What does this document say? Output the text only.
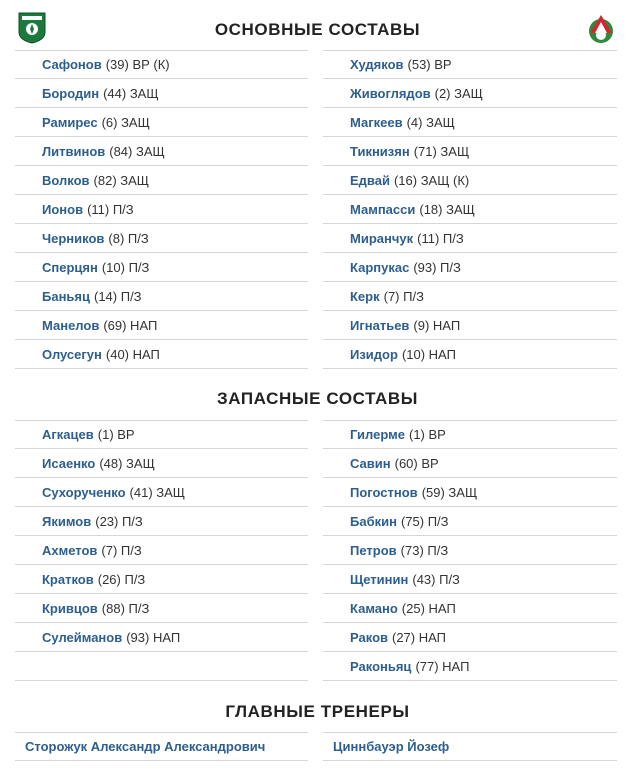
ОСНОВНЫЕ СОСТАВЫ
Сафонов (39) ВР (К)
Бородин (44) ЗАЩ
Рамирес (6) ЗАЩ
Литвинов (84) ЗАЩ
Волков (82) ЗАЩ
Ионов (11) П/З
Черников (8) П/З
Сперцян (10) П/З
Баньяц (14) П/З
Манелов (69) НАП
Олусегун (40) НАП
Худяков (53) ВР
Живоглядов (2) ЗАЩ
Магкеев (4) ЗАЩ
Тикнизян (71) ЗАЩ
Едвай (16) ЗАЩ (К)
Мампасси (18) ЗАЩ
Миранчук (11) П/З
Карпукас (93) П/З
Керк (7) П/З
Игнатьев (9) НАП
Изидор (10) НАП
ЗАПАСНЫЕ СОСТАВЫ
Агкацев (1) ВР
Исаенко (48) ЗАЩ
Сухорученко (41) ЗАЩ
Якимов (23) П/З
Ахметов (7) П/З
Кратков (26) П/З
Кривцов (88) П/З
Сулейманов (93) НАП
Гилерме (1) ВР
Савин (60) ВР
Погостнов (59) ЗАЩ
Бабкин (75) П/З
Петров (73) П/З
Щетинин (43) П/З
Камано (25) НАП
Раков (27) НАП
Раконьяц (77) НАП
ГЛАВНЫЕ ТРЕНЕРЫ
Сторожук Александр Александрович	Циннбауэр Йозеф
